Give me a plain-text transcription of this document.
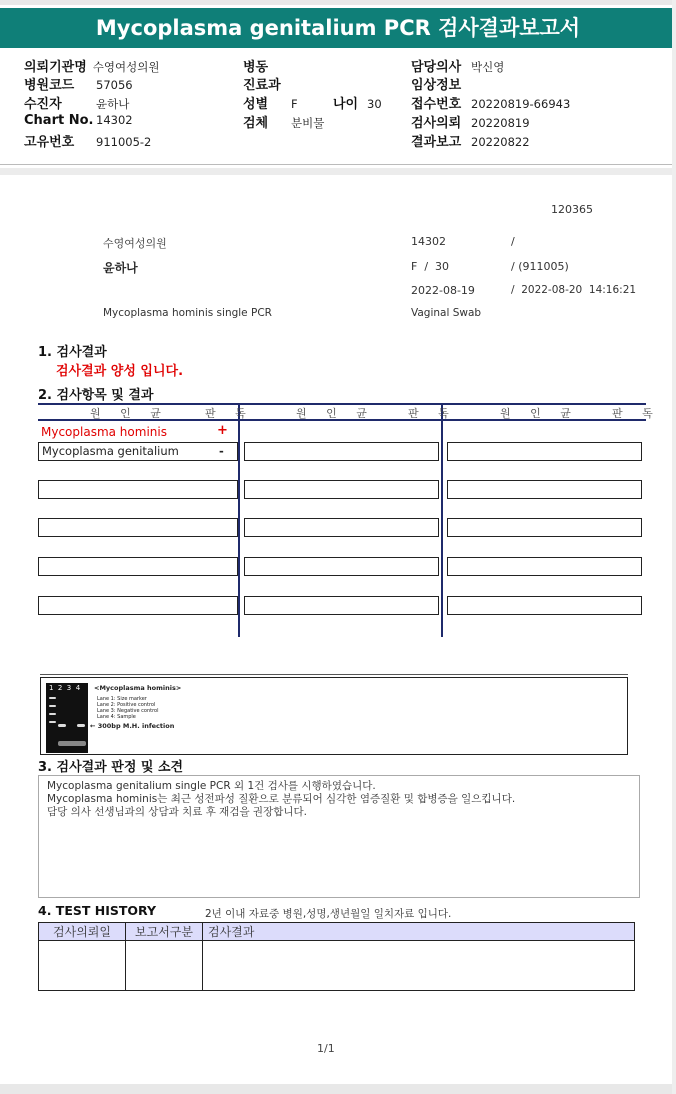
Mycoplasma genitalium PCR 검사결과보고서
의뢰기관명 수영여성의원
병원코드 57056
수진자	윤하나
Chart No. 14302
고유번호 911005-2
병동
진료과
성별 F	나이 30
검체 분비물
담당의사 박신영
임상정보
접수번호 20220819-66943
검사의뢰 20220819
결과보고 20220822
120365
수영여성의원	14302	/
윤하나	F  /  30	/ (911005)
2022-08-19	/  2022-08-20  14:16:21
Mycoplasma hominis single PCR	Vaginal Swab
1. 검사결과
검사결과 양성 입니다.
2. 검사항목 및 결과
원 인 균	판 독	원 인 균	판 독	원 인 균	판 독
Mycoplasma hominis	+
Mycoplasma genitalium	-
1  2  3  4 <Mycoplasma hominis>
Lane 1: Size marker
Lane 2: Positive control
Lane 3: Negative control
Lane 4: Sample
← 300bp M.H. infection
3. 검사결과 판정 및 소견
Mycoplasma genitalium single PCR 외 1건 검사를 시행하였습니다.
Mycoplasma hominis는 최근 성전파성 질환으로 분류되어 심각한 염증질환 및 합병증을 일으킵니다.
담당 의사 선생님과의 상담과 치료 후 재검을 권장합니다.
4. TEST HISTORY	2년 이내 자료중 병원,성명,생년월일 일치자료 입니다.
검사의뢰일	보고서구분	검사결과

1/1
